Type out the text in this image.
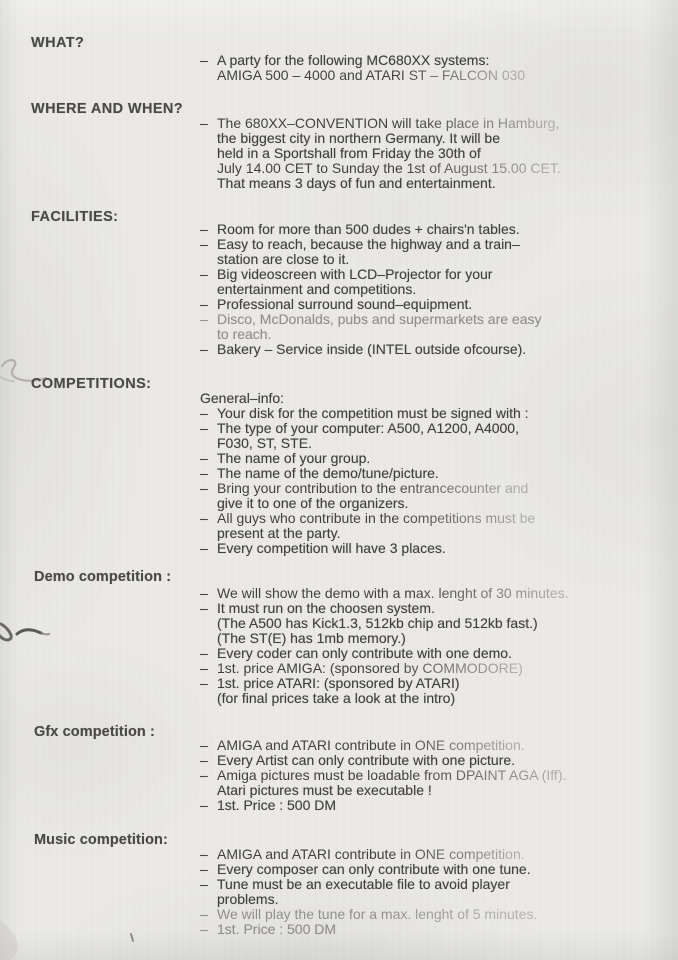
WHAT?
– A party for the following MC680XX systems:
AMIGA 500 – 4000 and ATARI ST – FALCON 030
WHERE AND WHEN?
– The 680XX–CONVENTION will take place in Hamburg,
the biggest city in northern Germany. It will be
held in a Sportshall from Friday the 30th of
July 14.00 CET to Sunday the 1st of August 15.00 CET.
That means 3 days of fun and entertainment.
FACILITIES:
– Room for more than 500 dudes + chairs'n tables.
– Easy to reach, because the highway and a train–
station are close to it.
– Big videoscreen with LCD–Projector for your
entertainment and competitions.
– Professional surround sound–equipment.
– Disco, McDonalds, pubs and supermarkets are easy
to reach.
– Bakery – Service inside (INTEL outside ofcourse).
COMPETITIONS:
General–info:
– Your disk for the competition must be signed with :
– The type of your computer: A500, A1200, A4000,
F030, ST, STE.
– The name of your group.
– The name of the demo/tune/picture.
– Bring your contribution to the entrancecounter and
give it to one of the organizers.
– All guys who contribute in the competitions must be
present at the party.
– Every competition will have 3 places.
Demo competition :
– We will show the demo with a max. lenght of 30 minutes.
– It must run on the choosen system.
(The A500 has Kick1.3, 512kb chip and 512kb fast.)
(The ST(E) has 1mb memory.)
– Every coder can only contribute with one demo.
– 1st. price AMIGA: (sponsored by COMMODORE)
– 1st. price ATARI: (sponsored by ATARI)
(for final prices take a look at the intro)
Gfx competition :
– AMIGA and ATARI contribute in ONE competition.
– Every Artist can only contribute with one picture.
– Amiga pictures must be loadable from DPAINT AGA (Iff).
Atari pictures must be executable !
– 1st. Price : 500 DM
Music competition:
– AMIGA and ATARI contribute in ONE competition.
– Every composer can only contribute with one tune.
– Tune must be an executable file to avoid player
problems.
– We will play the tune for a max. lenght of 5 minutes.
– 1st. Price : 500 DM
